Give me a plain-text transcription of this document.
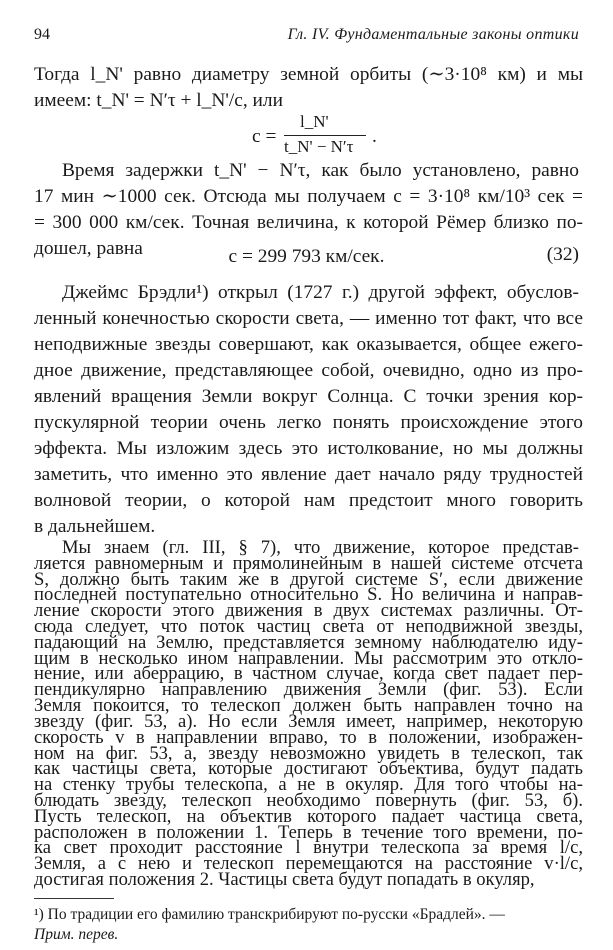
94	Гл. IV. Фундаментальные законы оптики
Тогда l_N' равно диаметру земной орбиты (∼3·10⁸ км) и мы
имеем: t_N' = N′τ + l_N'/c, или
c =
l_N'
t_N' − N′τ .
Время задержки t_N' − N′τ, как было установлено, равно
17 мин ∼1000 сек. Отсюда мы получаем c = 3·10⁸ км/10³ сек =
= 300 000 км/сек. Точная величина, к которой Рёмер близко по-
дошел, равна	c = 299 793 км/сек.	(32)
Джеймс Брэдли¹) открыл (1727 г.) другой эффект, обуслов-
ленный конечностью скорости света, — именно тот факт, что все
неподвижные звезды совершают, как оказывается, общее ежего-
дное движение, представляющее собой, очевидно, одно из про-
явлений вращения Земли вокруг Солнца. С точки зрения кор-
пускулярной теории очень легко понять происхождение этого
эффекта. Мы изложим здесь это истолкование, но мы должны
заметить, что именно это явление дает начало ряду трудностей
волновой теории, о которой нам предстоит много говорить
в дальнейшем.
Мы знаем (гл. III, § 7), что движение, которое представ-
ляется равномерным и прямолинейным в нашей системе отсчета
S, должно быть таким же в другой системе S′, если движение
последней поступательно относительно S. Но величина и направ-
ление скорости этого движения в двух системах различны. От-
сюда следует, что поток частиц света от неподвижной звезды,
падающий на Землю, представляется земному наблюдателю иду-
щим в несколько ином направлении. Мы рассмотрим это откло-
нение, или аберрацию, в частном случае, когда свет падает пер-
пендикулярно направлению движения Земли (фиг. 53). Если
Земля покоится, то телескоп должен быть направлен точно на
звезду (фиг. 53, а). Но если Земля имеет, например, некоторую
скорость v в направлении вправо, то в положении, изображен-
¹) По традиции его фамилию транскрибируют по-русски «Брадлей». —
Прим. перев.
ном на фиг. 53, а, звезду невозможно увидеть в телескоп, так
как частицы света, которые достигают объектива, будут падать
на стенку трубы телескопа, а не в окуляр. Для того чтобы на-
блюдать звезду, телескоп необходимо повернуть (фиг. 53, б).
Пусть телескоп, на объектив которого падает частица света,
расположен в положении 1. Теперь в течение того времени, по-
ка свет проходит расстояние l внутри телескопа за время l/c,
Земля, а с нею и телескоп перемещаются на расстояние v·l/c,
достигая положения 2. Частицы света будут попадать в окуляр,
